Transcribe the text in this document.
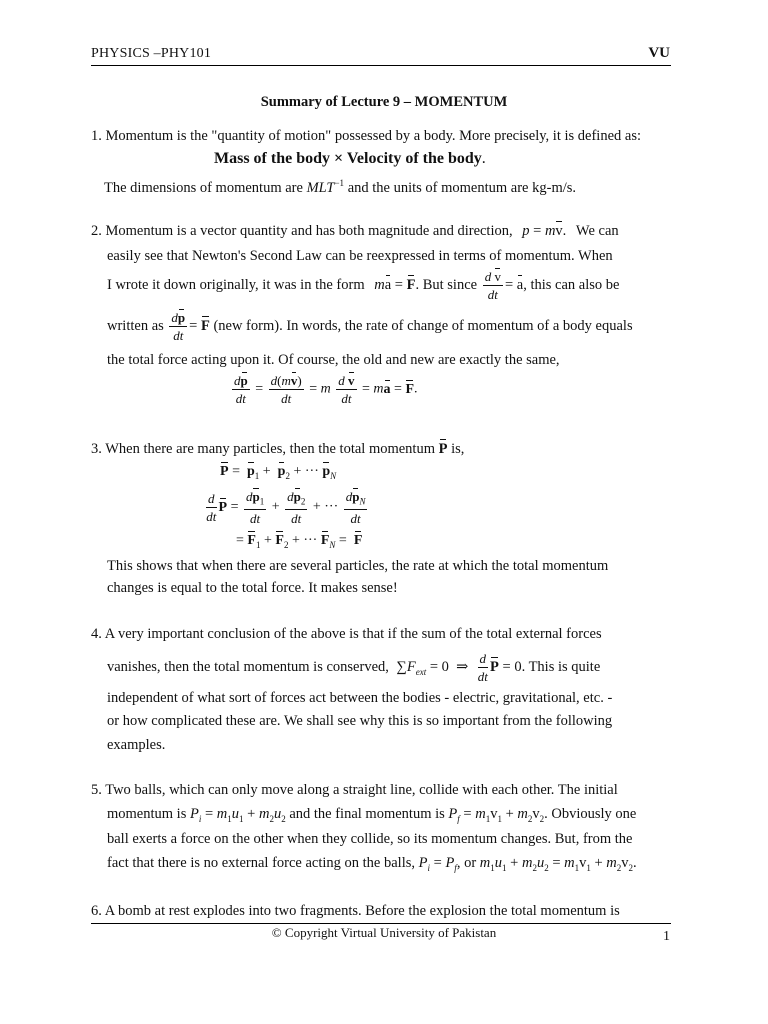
PHYSICS –PHY101	VU
Summary of Lecture 9 – MOMENTUM
1. Momentum is the "quantity of motion" possessed by a body. More precisely, it is defined as:
Mass of the body × Velocity of the body.
The dimensions of momentum are $MLT^{-1}$ and the units of momentum are kg-m/s.
2. Momentum is a vector quantity and has both magnitude and direction, p = mv. We can
easily see that Newton's Second Law can be reexpressed in terms of momentum. When
I wrote it down originally, it was in the form ma = F. But since $\frac{\text{d v}}{dt} = a$, this can also be
written as $\frac{dp}{dt} = F$ (new form). In words, the rate of change of momentum of a body equals
the total force acting upon it. Of course, the old and new are exactly the same,
$\frac{dp}{dt} = \frac{d(mv)}{dt} = m \frac{\text{d v}}{dt}$ = ma = F.
3. When there are many particles, then the total momentum P is,
$P = p_1 + p_2$ + ··· $p_N$
$\frac{d}{dt}$ $P = \frac{dp_1}{dt} + \frac{dp_2}{dt}$ + ··· $\frac{dp_N}{dt}$
= $F_1 + F_2$ + ··· $F_N = F$
This shows that when there are several particles, the rate at which the total momentum
changes is equal to the total force. It makes sense!
4. A very important conclusion of the above is that if the sum of the total external forces
vanishes, then the total momentum is conserved, $\sum F_{ext} = 0$  ⇒ $\frac{d}{dt}$ P = 0. This is quite
independent of what sort of forces act between the bodies - electric, gravitational, etc. -
or how complicated these are. We shall see why this is so important from the following
examples.
5. Two balls, which can only move along a straight line, collide with each other. The initial
momentum is $P_i = m_1u_1 + m_2u_2$ and the final momentum is $P_f = m_1v_1 + m_2v_2$. Obviously one
ball exerts a force on the other when they collide, so its momentum changes. But, from the
fact that there is no external force acting on the balls, $P_i = P_f$, or $m_1u_1 + m_2u_2 = m_1v_1 + m_2v_2$.
6. A bomb at rest explodes into two fragments. Before the explosion the total momentum is
© Copyright Virtual University of Pakistan	1
